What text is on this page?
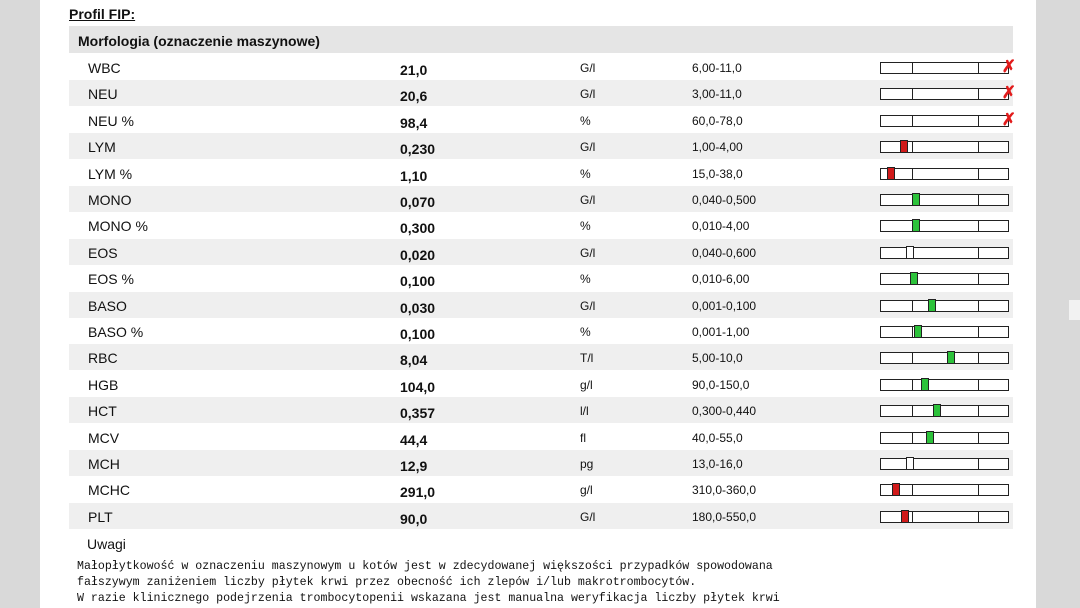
Profil FIP:
Morfologia (oznaczenie maszynowe)
WBC	21,0	G/l	6,00-11,0	✗
NEU	20,6	G/l	3,00-11,0	✗
NEU %	98,4	%	60,0-78,0	✗
LYM	0,230	G/l	1,00-4,00
LYM %	1,10	%	15,0-38,0
MONO	0,070	G/l	0,040-0,500
MONO %	0,300	%	0,010-4,00
EOS	0,020	G/l	0,040-0,600
EOS %	0,100	%	0,010-6,00
BASO	0,030	G/l	0,001-0,100
BASO %	0,100	%	0,001-1,00
RBC	8,04	T/l	5,00-10,0
HGB	104,0	g/l	90,0-150,0
HCT	0,357	l/l	0,300-0,440
MCV	44,4	fl	40,0-55,0
MCH	12,9	pg	13,0-16,0
MCHC	291,0	g/l	310,0-360,0
PLT	90,0	G/l	180,0-550,0
Uwagi
Małopłytkowość w oznaczeniu maszynowym u kotów jest w zdecydowanej większości przypadków spowodowana
fałszywym zaniżeniem liczby płytek krwi przez obecność ich zlepów i/lub makrotrombocytów.
W razie klinicznego podejrzenia trombocytopenii wskazana jest manualna weryfikacja liczby płytek krwi
